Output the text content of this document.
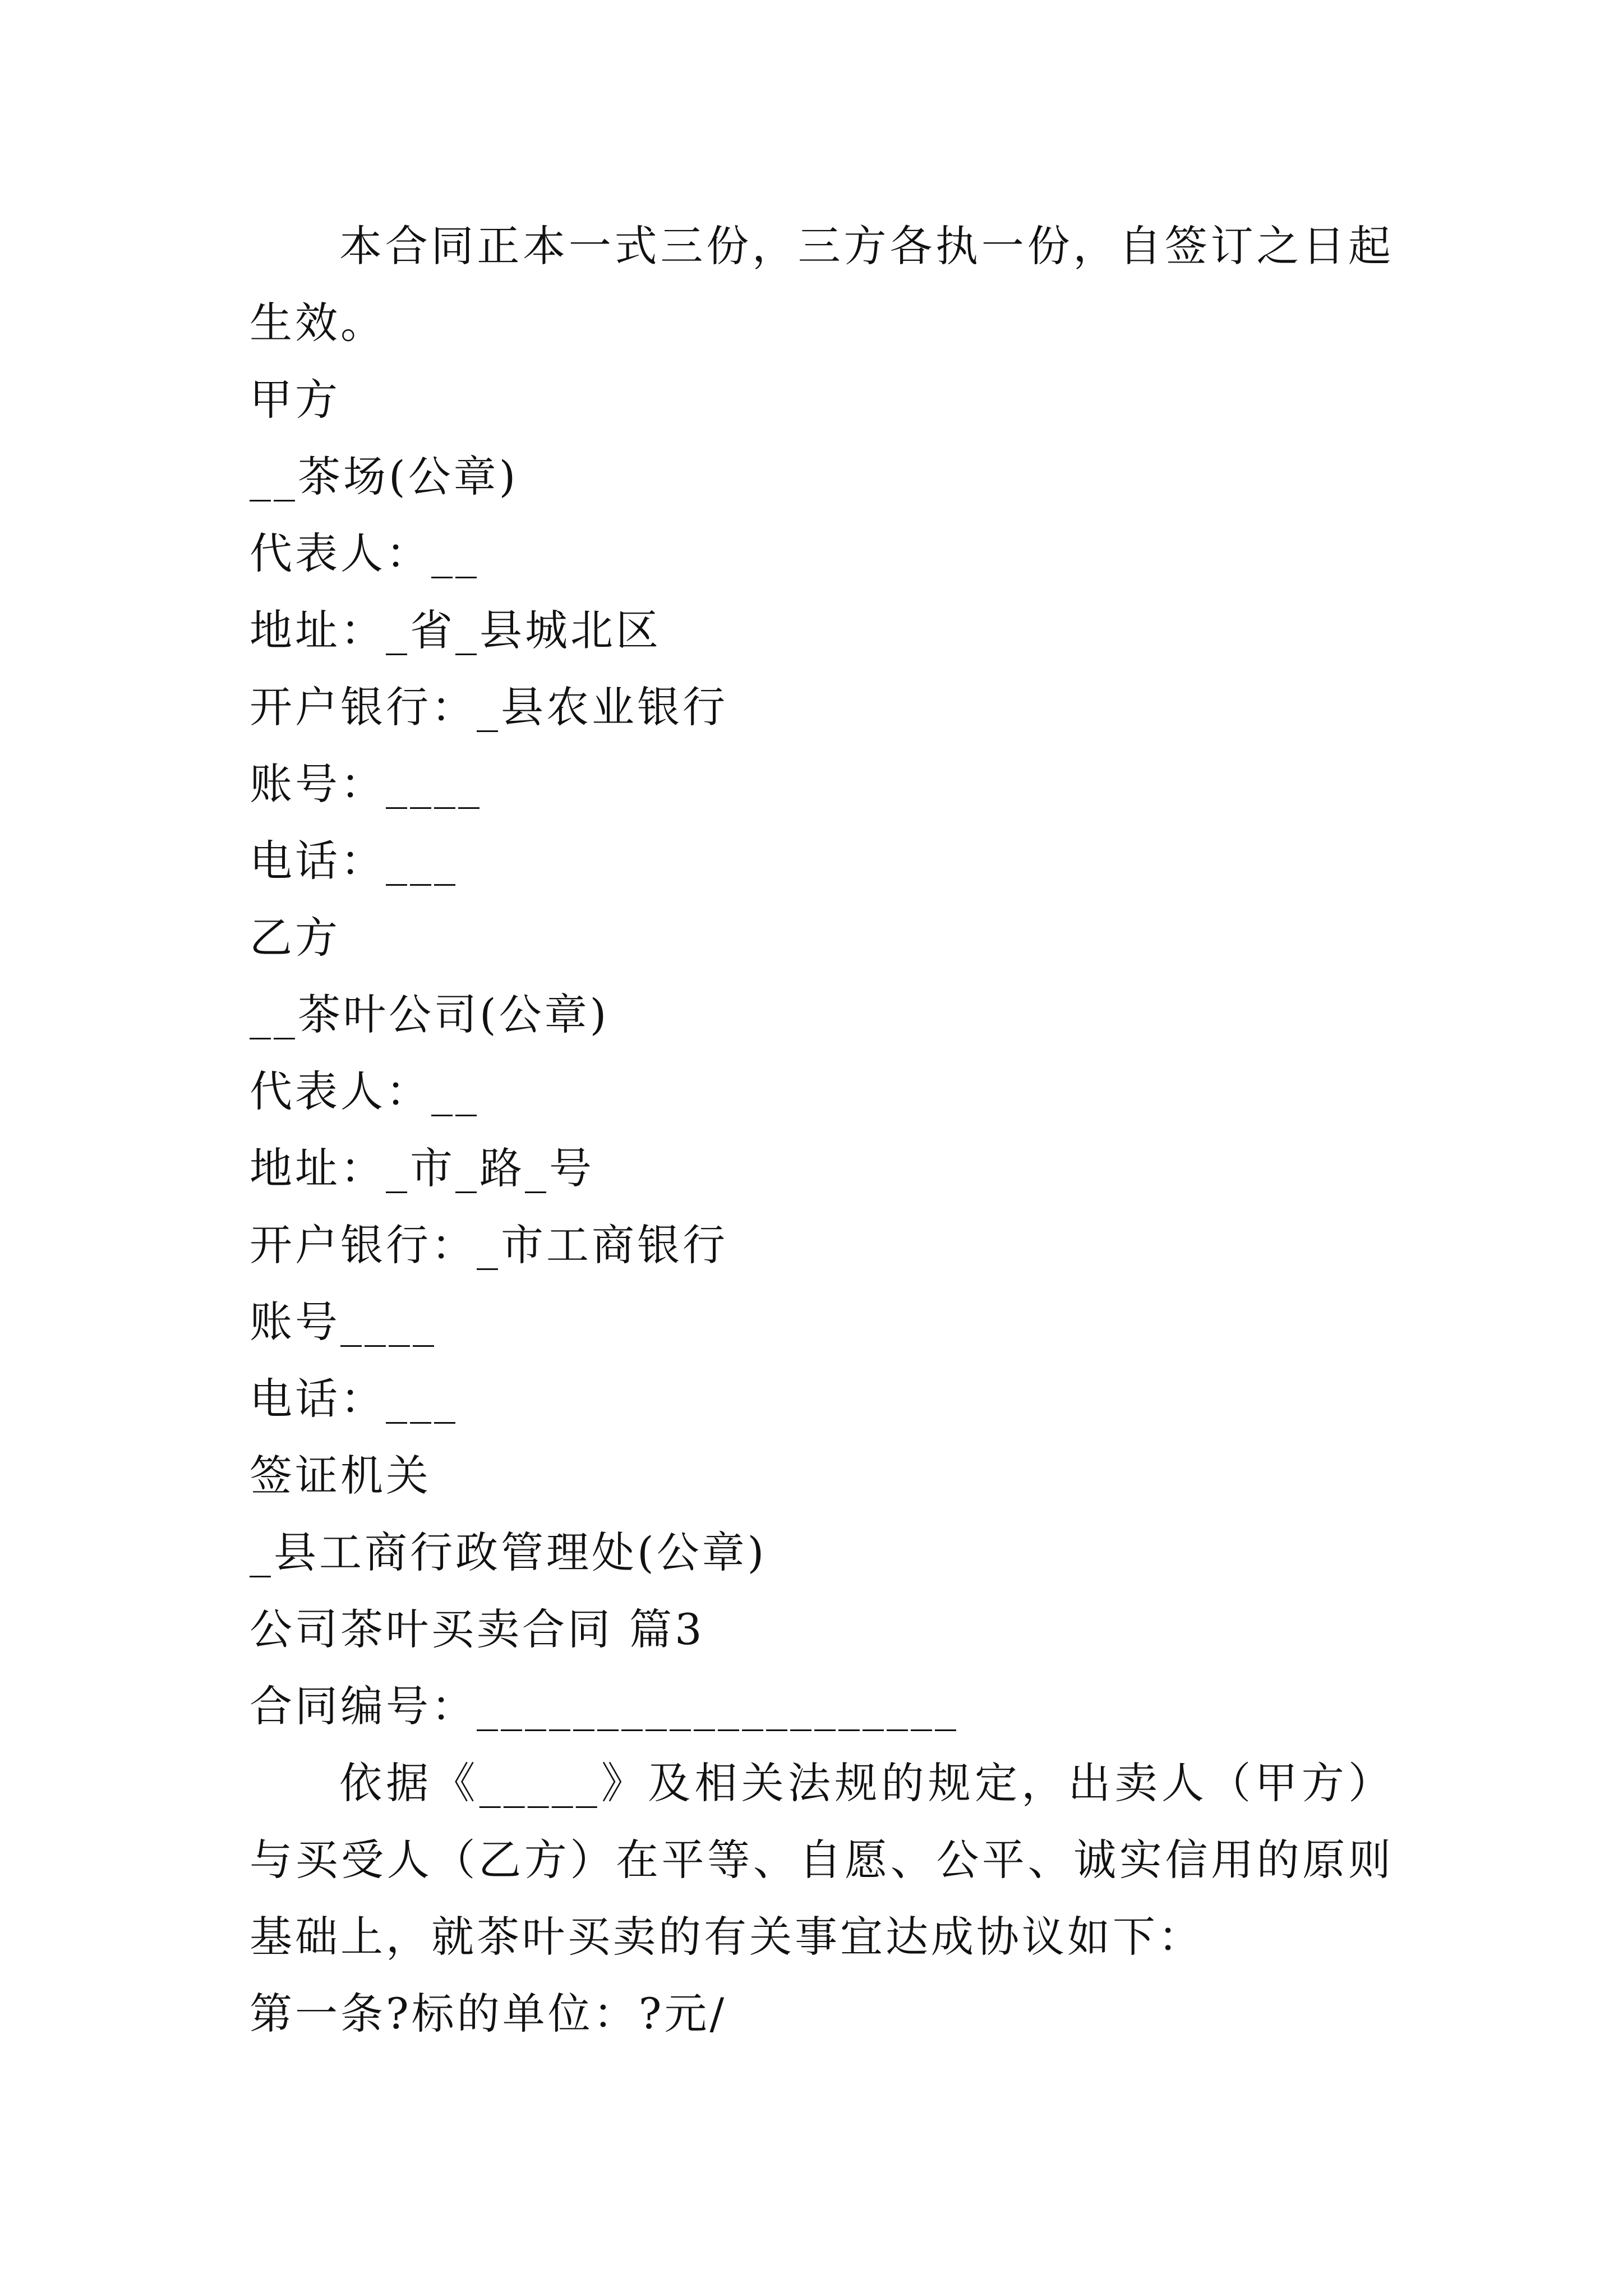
本合同正本一式三份，三方各执一份，自签订之日起生效。

甲方

__茶场(公章)

代表人：__

地址：_省_县城北区

开户银行：_县农业银行

账号：____

电话：___

乙方

__茶叶公司(公章)

代表人：__

地址：_市_路_号

开户银行：_市工商银行

账号____

电话：___

签证机关

_县工商行政管理处(公章)

公司茶叶买卖合同 篇3

合同编号：____________________

依据《_____》及相关法规的规定，出卖人（甲方）与买受人（乙方）在平等、自愿、公平、诚实信用的原则基础上，就茶叶买卖的有关事宜达成协议如下：

第一条?标的单位：?元/
